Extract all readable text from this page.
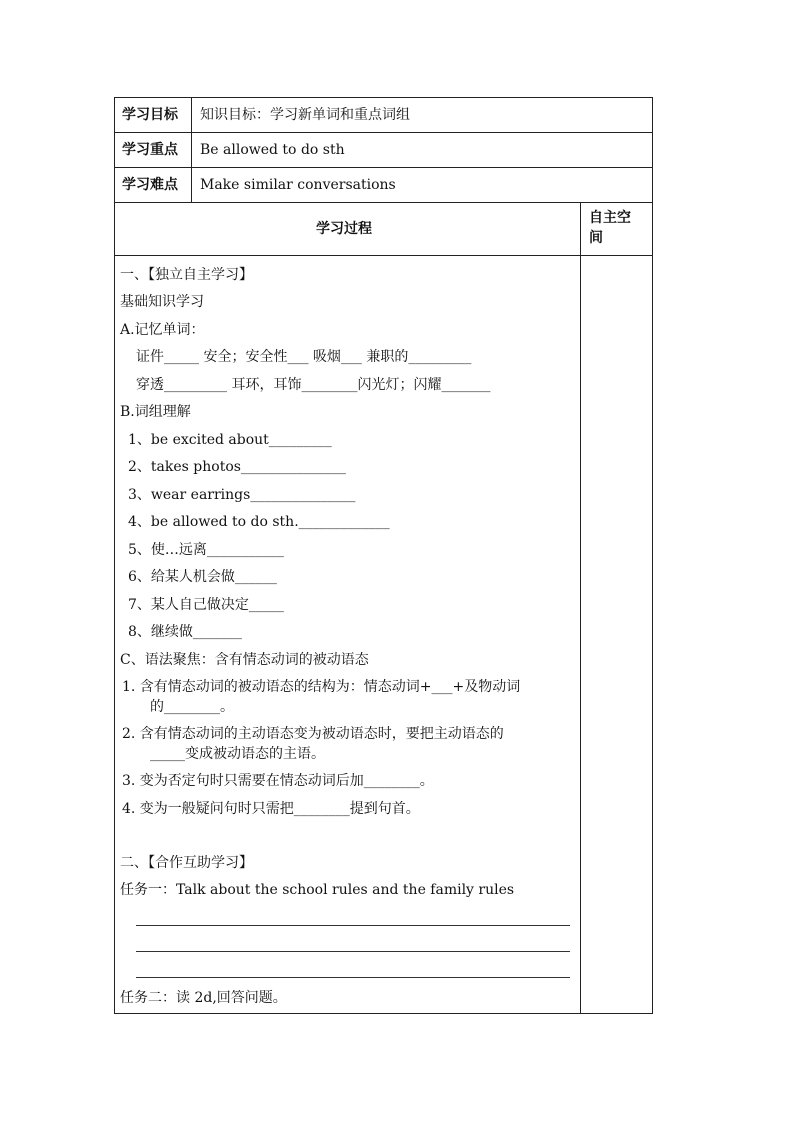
学习目标 知识目标：学习新单词和重点词组
学习重点 Be allowed to do sth
学习难点 Make similar conversations
学习过程
自主空
间
一、【独立自主学习】
基础知识学习
A.记忆单词：
证件_____ 安全；安全性___ 吸烟___ 兼职的_________
穿透_________ 耳环，耳饰________闪光灯；闪耀_______
B.词组理解
1、be excited about_________
2、takes photos_______________
3、wear earrings_______________
4、be allowed to do sth._____________
5、使…远离___________
6、给某人机会做______
7、某人自己做决定_____
8、继续做_______
C、语法聚焦：含有情态动词的被动语态
1. 含有情态动词的被动语态的结构为：情态动词+___+及物动词
的________。
2. 含有情态动词的主动语态变为被动语态时，要把主动语态的
_____变成被动语态的主语。
3. 变为否定句时只需要在情态动词后加________。
4. 变为一般疑问句时只需把________提到句首。
二、【合作互助学习】
任务一：Talk about the school rules and the family rules
任务二：读 2d,回答问题。
